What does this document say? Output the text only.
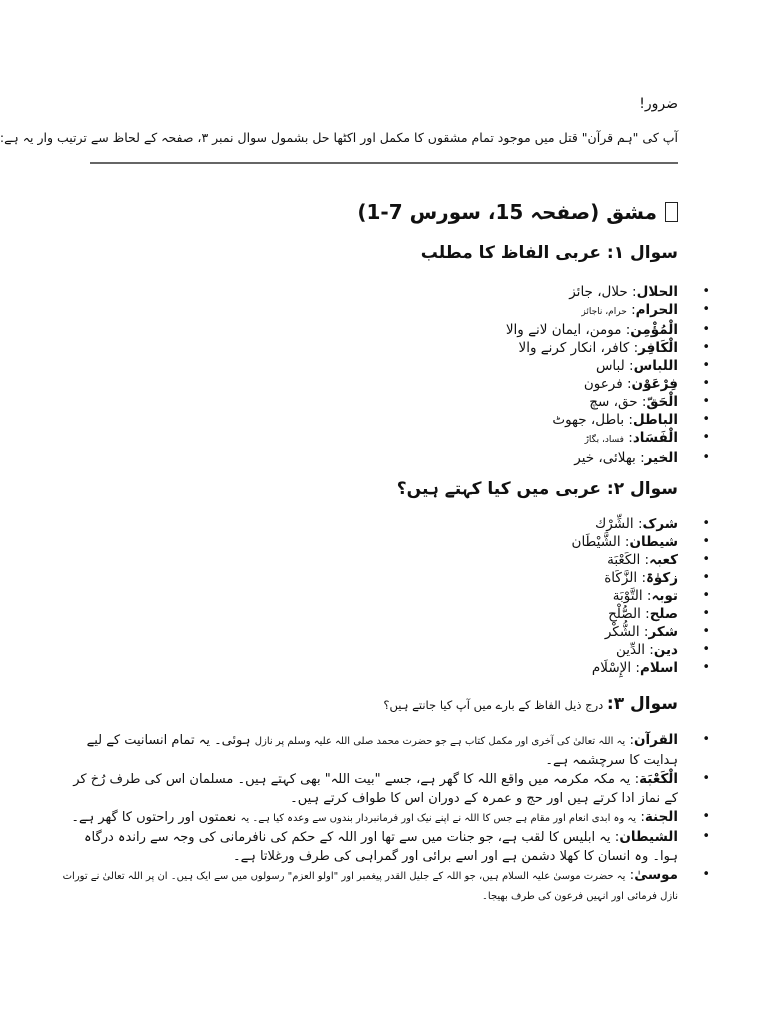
ضرور!
آپ کی "ہم قرآن" قتل میں موجود تمام مشقوں کا مکمل اور اکٹھا حل بشمول سوال نمبر ۳، صفحہ کے لحاظ سے ترتیب وار یہ ہے:
مشق (صفحہ 15، سورس 7-1)
سوال ۱: عربی الفاظ کا مطلب
• الحلال: حلال، جائز
• الحرام: حرام، ناجائز
• الْمُؤْمِن: مومن، ایمان لانے والا
• الْكَافِر: کافر، انکار کرنے والا
• اللباس: لباس
• فِرْعَوْن: فرعون
• الْحَقّ: حق، سچ
• الباطل: باطل، جھوٹ
• الْفَسَاد: فساد، بگاڑ
• الخير: بھلائی، خیر
سوال ۲: عربی میں کیا کہتے ہیں؟
• شرک: الشِّرْك
• شیطان: الشَّيْطَان
• کعبہ: الكَعْبَة
• زکوٰۃ: الزَّكَاة
• توبہ: التَّوْبَة
• صلح: الصُّلْح
• شکر: الشُّكْر
• دین: الدِّين
• اسلام: الإِسْلَام
سوال ۳: درج ذیل الفاظ کے بارے میں آپ کیا جانتے ہیں؟
• القرآن: یہ اللہ تعالیٰ کی آخری اور مکمل کتاب ہے جو حضرت محمد صلی اللہ علیہ وسلم پر نازل ہوئی۔ یہ تمام انسانیت کے لیے ہدایت کا سرچشمہ ہے۔
• الْكَعْبَة: یہ مکہ مکرمہ میں واقع اللہ کا گھر ہے، جسے "بیت اللہ" بھی کہتے ہیں۔ مسلمان اس کی طرف رُخ کر کے نماز ادا کرتے ہیں اور حج و عمرہ کے دوران اس کا طواف کرتے ہیں۔
• الجنة: یہ وہ ابدی انعام اور مقام ہے جس کا اللہ نے اپنے نیک اور فرمانبردار بندوں سے وعدہ کیا ہے۔ یہ نعمتوں اور راحتوں کا گھر ہے۔
• الشیطان: یہ ابلیس کا لقب ہے، جو جنات میں سے تھا اور اللہ کے حکم کی نافرمانی کی وجہ سے راندہ درگاہ ہوا۔ وہ انسان کا کھلا دشمن ہے اور اسے برائی اور گمراہی کی طرف ورغلاتا ہے۔
• موسیٰ: یہ حضرت موسیٰ علیہ السلام ہیں، جو اللہ کے جلیل القدر پیغمبر اور "اولو العزم" رسولوں میں سے ایک ہیں۔ ان پر اللہ تعالیٰ نے تورات نازل فرمائی اور انہیں فرعون کی طرف بھیجا۔
